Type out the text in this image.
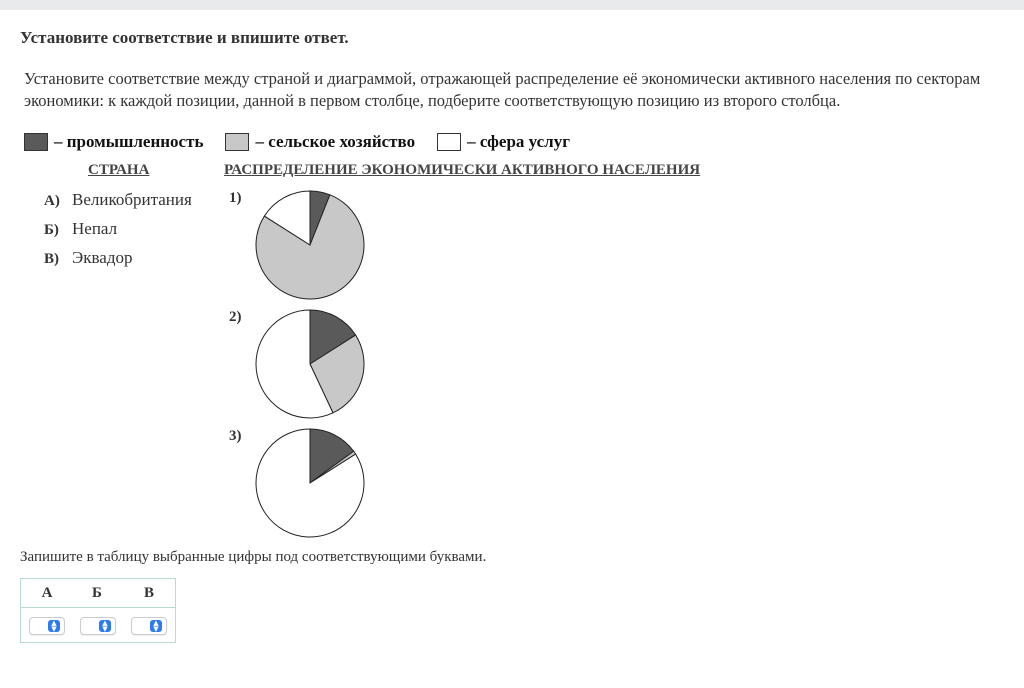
Установите соответствие и впишите ответ.
Установите соответствие между страной и диаграммой, отражающей распределение её экономически активного населения по секторам экономики: к каждой позиции, данной в первом столбце, подберите соответствующую позицию из второго столбца.
– промышленность	– сельское хозяйство	– сфера услуг
СТРАНА	РАСПРЕДЕЛЕНИЕ ЭКОНОМИЧЕСКИ АКТИВНОГО НАСЕЛЕНИЯ
А) Великобритания
Б) Непал
В) Эквадор
1)
2)
3)
Запишите в таблицу выбранные цифры под соответствующими буквами.
А	Б	В
▲
▼
▲
▼
▲
▼
